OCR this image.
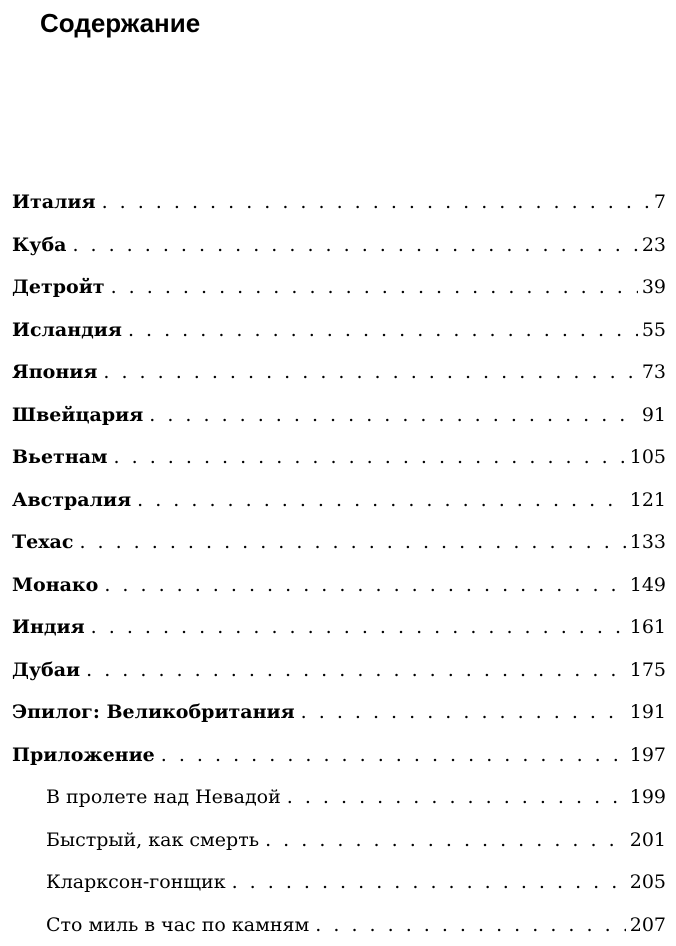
Содержание
Италия . . .	7
Куба . . .	23
Детройт . . .	39
Исландия . . .	55
Япония . . .	73
Швейцария . . .	91
Вьетнам . . .	105
Австралия . . .	121
Техас . . .	133
Монако . . .	149
Индия . . .	161
Дубаи . . .	175
Эпилог: Великобритания . . .	191
Приложение . . .	197
В пролете над Невадой . . .	199
Быстрый, как смерть . . .	201
Кларксон-гонщик . . .	205
Сто миль в час по камням . . .	207
